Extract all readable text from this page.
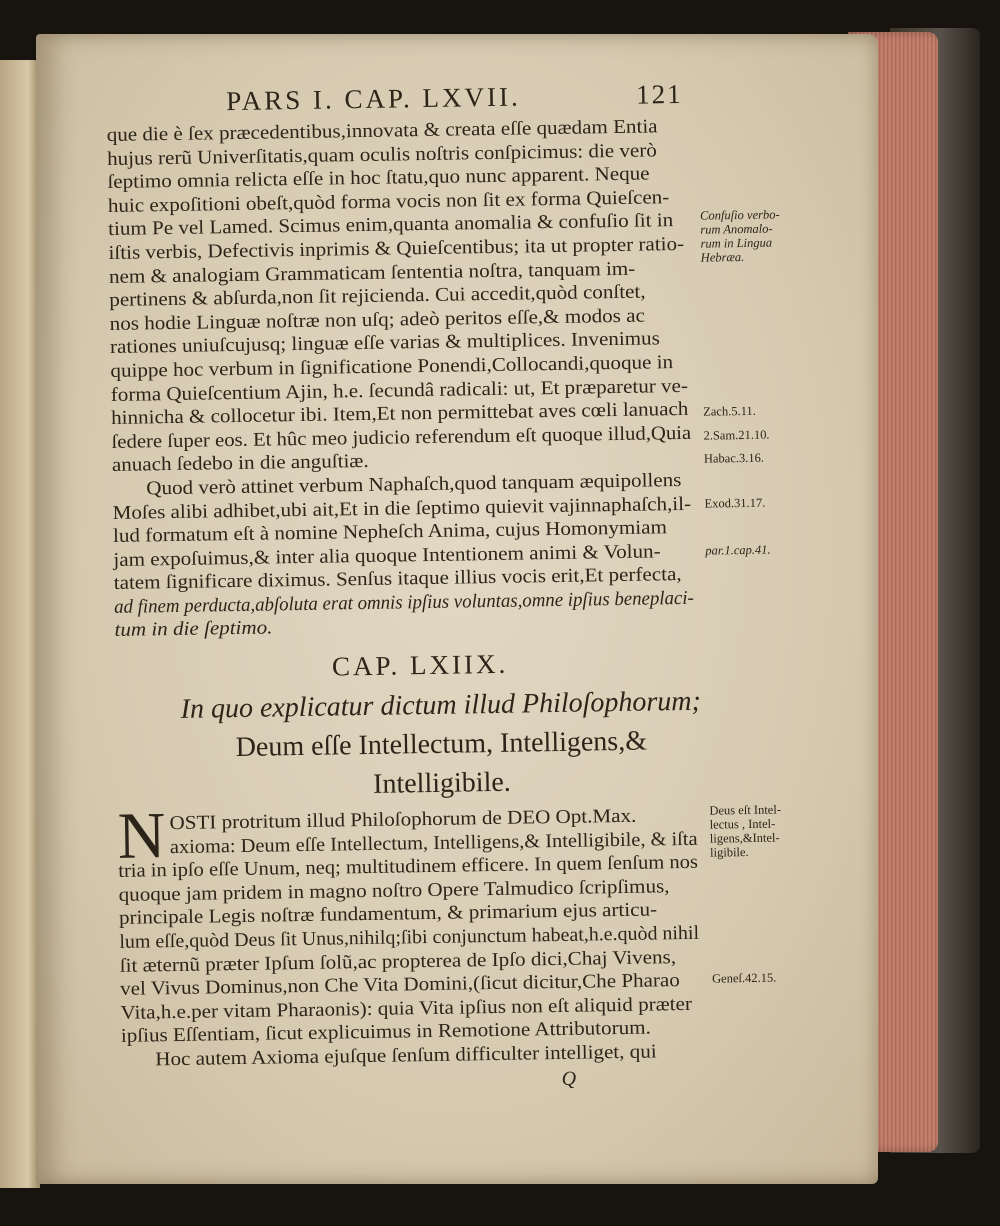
PARS I. CAP. LXVII.	121
que die è ſex præcedentibus,innovata & creata eſſe quædam Entia
hujus rerũ Univerſitatis,quam oculis noſtris conſpicimus: die verò
ſeptimo omnia relicta eſſe in hoc ſtatu,quo nunc apparent. Neque
huic expoſitioni obeſt,quòd forma vocis non ſit ex forma Quieſcen-
tium Pe vel Lamed. Scimus enim,quanta anomalia & confuſio ſit in
iſtis verbis, Defectivis inprimis & Quieſcentibus; ita ut propter ratio-
nem & analogiam Grammaticam ſententia noſtra, tanquam im-
pertinens & abſurda,non ſit rejicienda. Cui accedit,quòd conſtet,
nos hodie Linguæ noſtræ non uſq; adeò peritos eſſe,& modos ac
rationes uniuſcujusq; linguæ eſſe varias & multiplices. Invenimus
quippe hoc verbum in ſignificatione Ponendi,Collocandi,quoque in
forma Quieſcentium Ajin, h.e. ſecundâ radicali: ut, Et præparetur ve-
hinnicha & collocetur ibi. Item,Et non permittebat aves cœli lanuach
ſedere ſuper eos. Et hûc meo judicio referendum eſt quoque illud,Quia
anuach ſedebo in die anguſtiæ.
Confuſio verbo-
rum Anomalo-
rum in Lingua
Hebræa.
Zach.5.11.
2.Sam.21.10.
Habac.3.16.
Quod verò attinet verbum Naphaſch,quod tanquam æquipollens
Moſes alibi adhibet,ubi ait,Et in die ſeptimo quievit vajinnaphaſch,il-
lud formatum eſt à nomine Nepheſch Anima, cujus Homonymiam
jam expoſuimus,& inter alia quoque Intentionem animi & Volun-
tatem ſignificare diximus. Senſus itaque illius vocis erit,Et perfecta,
ad finem perducta,abſoluta erat omnis ipſius voluntas,omne ipſius beneplaci-
tum in die ſeptimo.
Exod.31.17.
par.1.cap.41.
CAP. LXIIX.
In quo explicatur dictum illud Philoſophorum;
Deum eſſe Intellectum, Intelligens,&
Intelligibile.
N OSTI protritum illud Philoſophorum de DEO Opt.Max.
axioma: Deum eſſe Intellectum, Intelligens,& Intelligibile, & iſta
tria in ipſo eſſe Unum, neq; multitudinem efficere. In quem ſenſum nos
quoque jam pridem in magno noſtro Opere Talmudico ſcripſimus,
principale Legis noſtræ fundamentum, & primarium ejus articu-
lum eſſe,quòd Deus ſit Unus,nihilq;ſibi conjunctum habeat,h.e.quòd nihil
ſit æternũ præter Ipſum ſolũ,ac propterea de Ipſo dici,Chaj Vivens,
vel Vivus Dominus,non Che Vita Domini,(ſicut dicitur,Che Pharao
Vita,h.e.per vitam Pharaonis): quia Vita ipſius non eſt aliquid præter
ipſius Eſſentiam, ſicut explicuimus in Remotione Attributorum.
Hoc autem Axioma ejuſque ſenſum difficulter intelliget, qui
Deus eſt Intel-
lectus , Intel-
ligens,&Intel-
ligibile.
Geneſ.42.15.
Q
